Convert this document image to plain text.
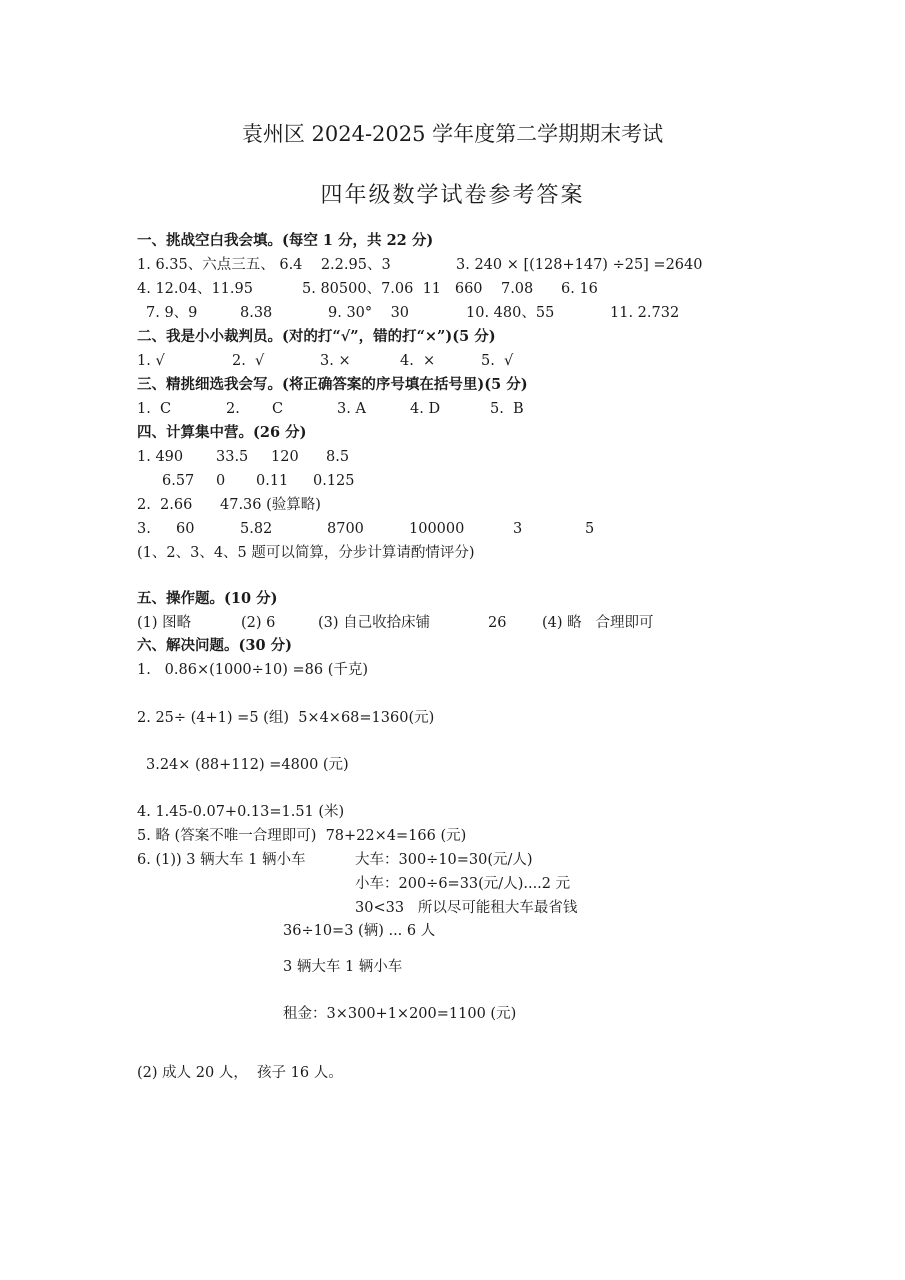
袁州区 2024-2025 学年度第二学期期末考试
四年级数学试卷参考答案
一、挑战空白我会填。(每空 1 分，共 22 分)
1. 6.35、六点三五、 6.4    2.2.95、3	3. 240 × [(128+147) ÷25] =2640
4. 12.04、11.95	5. 80500、7.06  11   660    7.08 6. 16
7. 9、9	8.38	9. 30°    30	10. 480、55	11. 2.732
二、我是小小裁判员。(对的打“√”，错的打“×”)(5 分)
1. √	2.  √	3. ×	4.  ×	5.  √
三、精挑细选我会写。(将正确答案的序号填在括号里)(5 分)
1.  C	2. C	3. A	4. D	5.  B
四、计算集中营。(26 分)
1. 490 33.5 120 8.5
6.57 0 0.11 0.125
2.  2.66      47.36 (验算略)
3. 60	5.82	8700	100000	3	5
(1、2、3、4、5 题可以简算，分步计算请酌情评分)
五、操作题。(10 分)
(1) 图略	(2) 6	(3) 自己收拾床铺	26 (4) 略   合理即可
六、解决问题。(30 分)
1.   0.86×(1000÷10) =86 (千克)
2. 25÷ (4+1) =5 (组)  5×4×68=1360(元)
3.24× (88+112) =4800 (元)
4. 1.45-0.07+0.13=1.51 (米)
5. 略 (答案不唯一合理即可)  78+22×4=166 (元)
6. (1)) 3 辆大车 1 辆小车	大车：300÷10=30(元/人)
小车：200÷6=33(元/人)....2 元
30<33   所以尽可能租大车最省钱
36÷10=3 (辆) ... 6 人
3 辆大车 1 辆小车
租金：3×300+1×200=1100 (元)
(2) 成人 20 人，  孩子 16 人。
